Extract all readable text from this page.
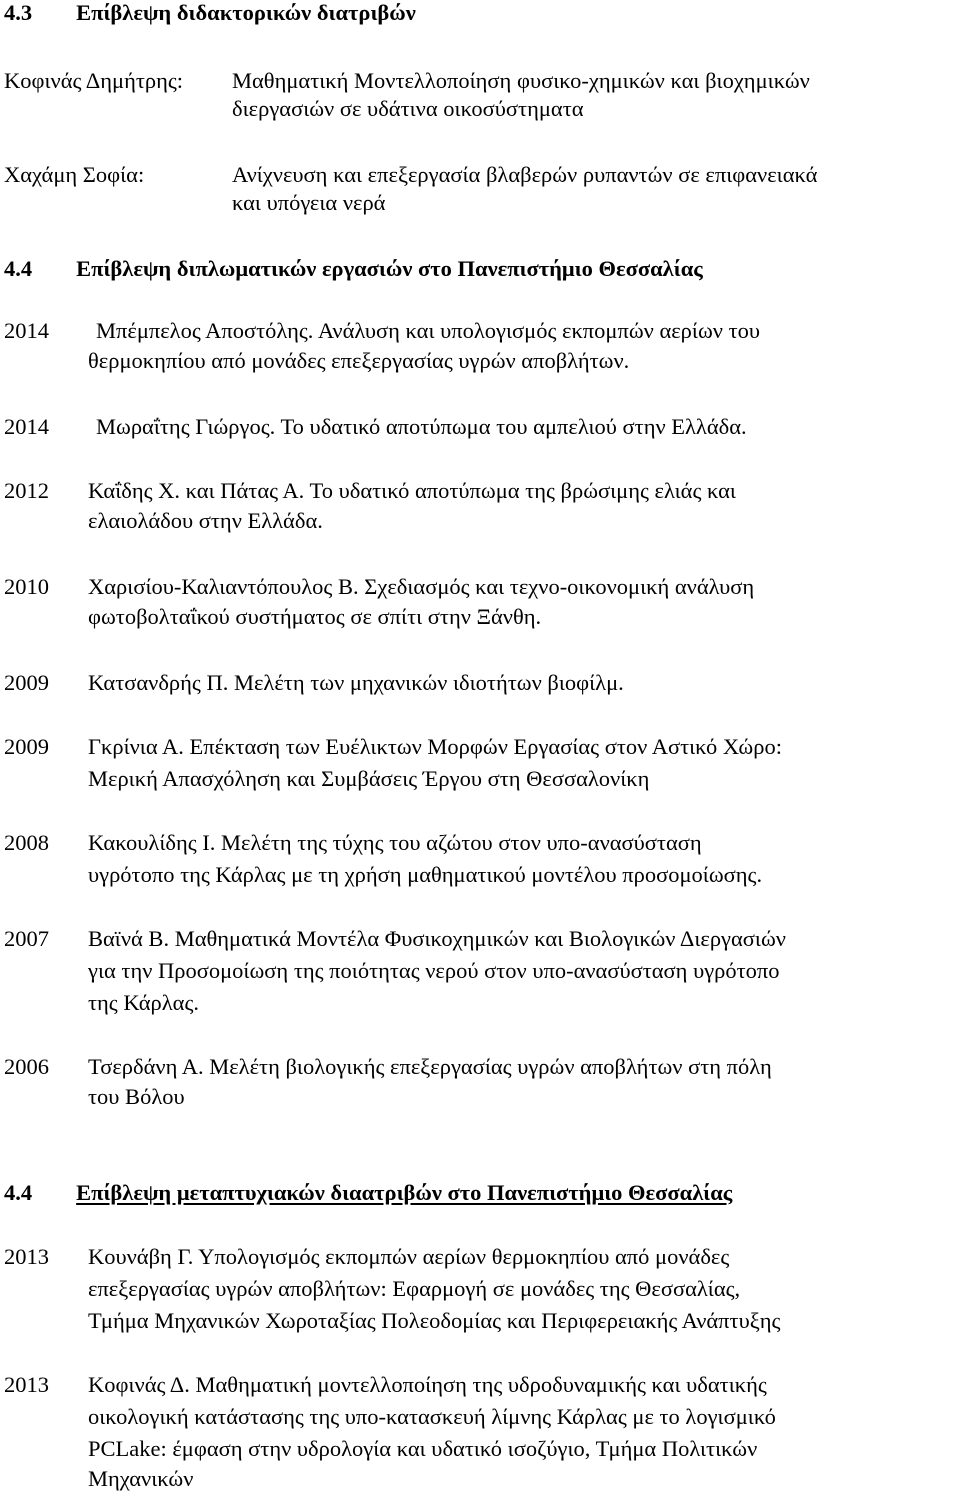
4.3 Επίβλεψη διδακτορικών διατριβών
Κοφινάς Δημήτρης: Μαθηματική Μοντελλοποίηση φυσικο-χημικών και βιοχημικών
διεργασιών σε υδάτινα οικοσύστηματα
Χαχάμη Σοφία:	Ανίχνευση και επεξεργασία βλαβερών ρυπαντών σε επιφανειακά
και υπόγεια νερά
4.4 Επίβλεψη διπλωματικών εργασιών στο Πανεπιστήμιο Θεσσαλίας
2014 Μπέμπελος Αποστόλης. Ανάλυση και υπολογισμός εκπομπών αερίων του
θερμοκηπίου από μονάδες επεξεργασίας υγρών αποβλήτων.
2014 Μωραΐτης Γιώργος. Το υδατικό αποτύπωμα του αμπελιού στην Ελλάδα.
2012 Καΐδης Χ. και Πάτας Α. Το υδατικό αποτύπωμα της βρώσιμης ελιάς και
ελαιολάδου στην Ελλάδα.
2010 Χαρισίου-Καλιαντόπουλος Β. Σχεδιασμός και τεχνο-οικονομική ανάλυση
φωτοβολταΐκού συστήματος σε σπίτι στην Ξάνθη.
2009 Κατσανδρής Π. Μελέτη των μηχανικών ιδιοτήτων βιοφίλμ.
2009 Γκρίνια Α. Επέκταση των Ευέλικτων Μορφών Εργασίας στον Αστικό Χώρο:
Μερική Απασχόληση και Συμβάσεις Έργου στη Θεσσαλονίκη
2008 Κακουλίδης Ι. Μελέτη της τύχης του αζώτου στον υπο-ανασύσταση
υγρότοπο της Κάρλας με τη χρήση μαθηματικού μοντέλου προσομοίωσης.
2007 Βαϊνά Β. Μαθηματικά Μοντέλα Φυσικοχημικών και Βιολογικών Διεργασιών
για την Προσομοίωση της ποιότητας νερού στον υπο-ανασύσταση υγρότοπο
της Κάρλας.
2006 Τσερδάνη Α. Μελέτη βιολογικής επεξεργασίας υγρών αποβλήτων στη πόλη
του Βόλου
4.4 Επίβλεψη μεταπτυχιακών διαατριβών στο Πανεπιστήμιο Θεσσαλίας
2013 Κουνάβη Γ. Υπολογισμός εκπομπών αερίων θερμοκηπίου από μονάδες
επεξεργασίας υγρών αποβλήτων: Εφαρμογή σε μονάδες της Θεσσαλίας,
Τμήμα Μηχανικών Χωροταξίας Πολεοδομίας και Περιφερειακής Ανάπτυξης
2013 Κοφινάς Δ. Μαθηματική μοντελλοποίηση της υδροδυναμικής και υδατικής
οικολογική κατάστασης της υπο-κατασκευή λίμνης Κάρλας με το λογισμικό
PCLake: έμφαση στην υδρολογία και υδατικό ισοζύγιο, Τμήμα Πολιτικών
Μηχανικών
